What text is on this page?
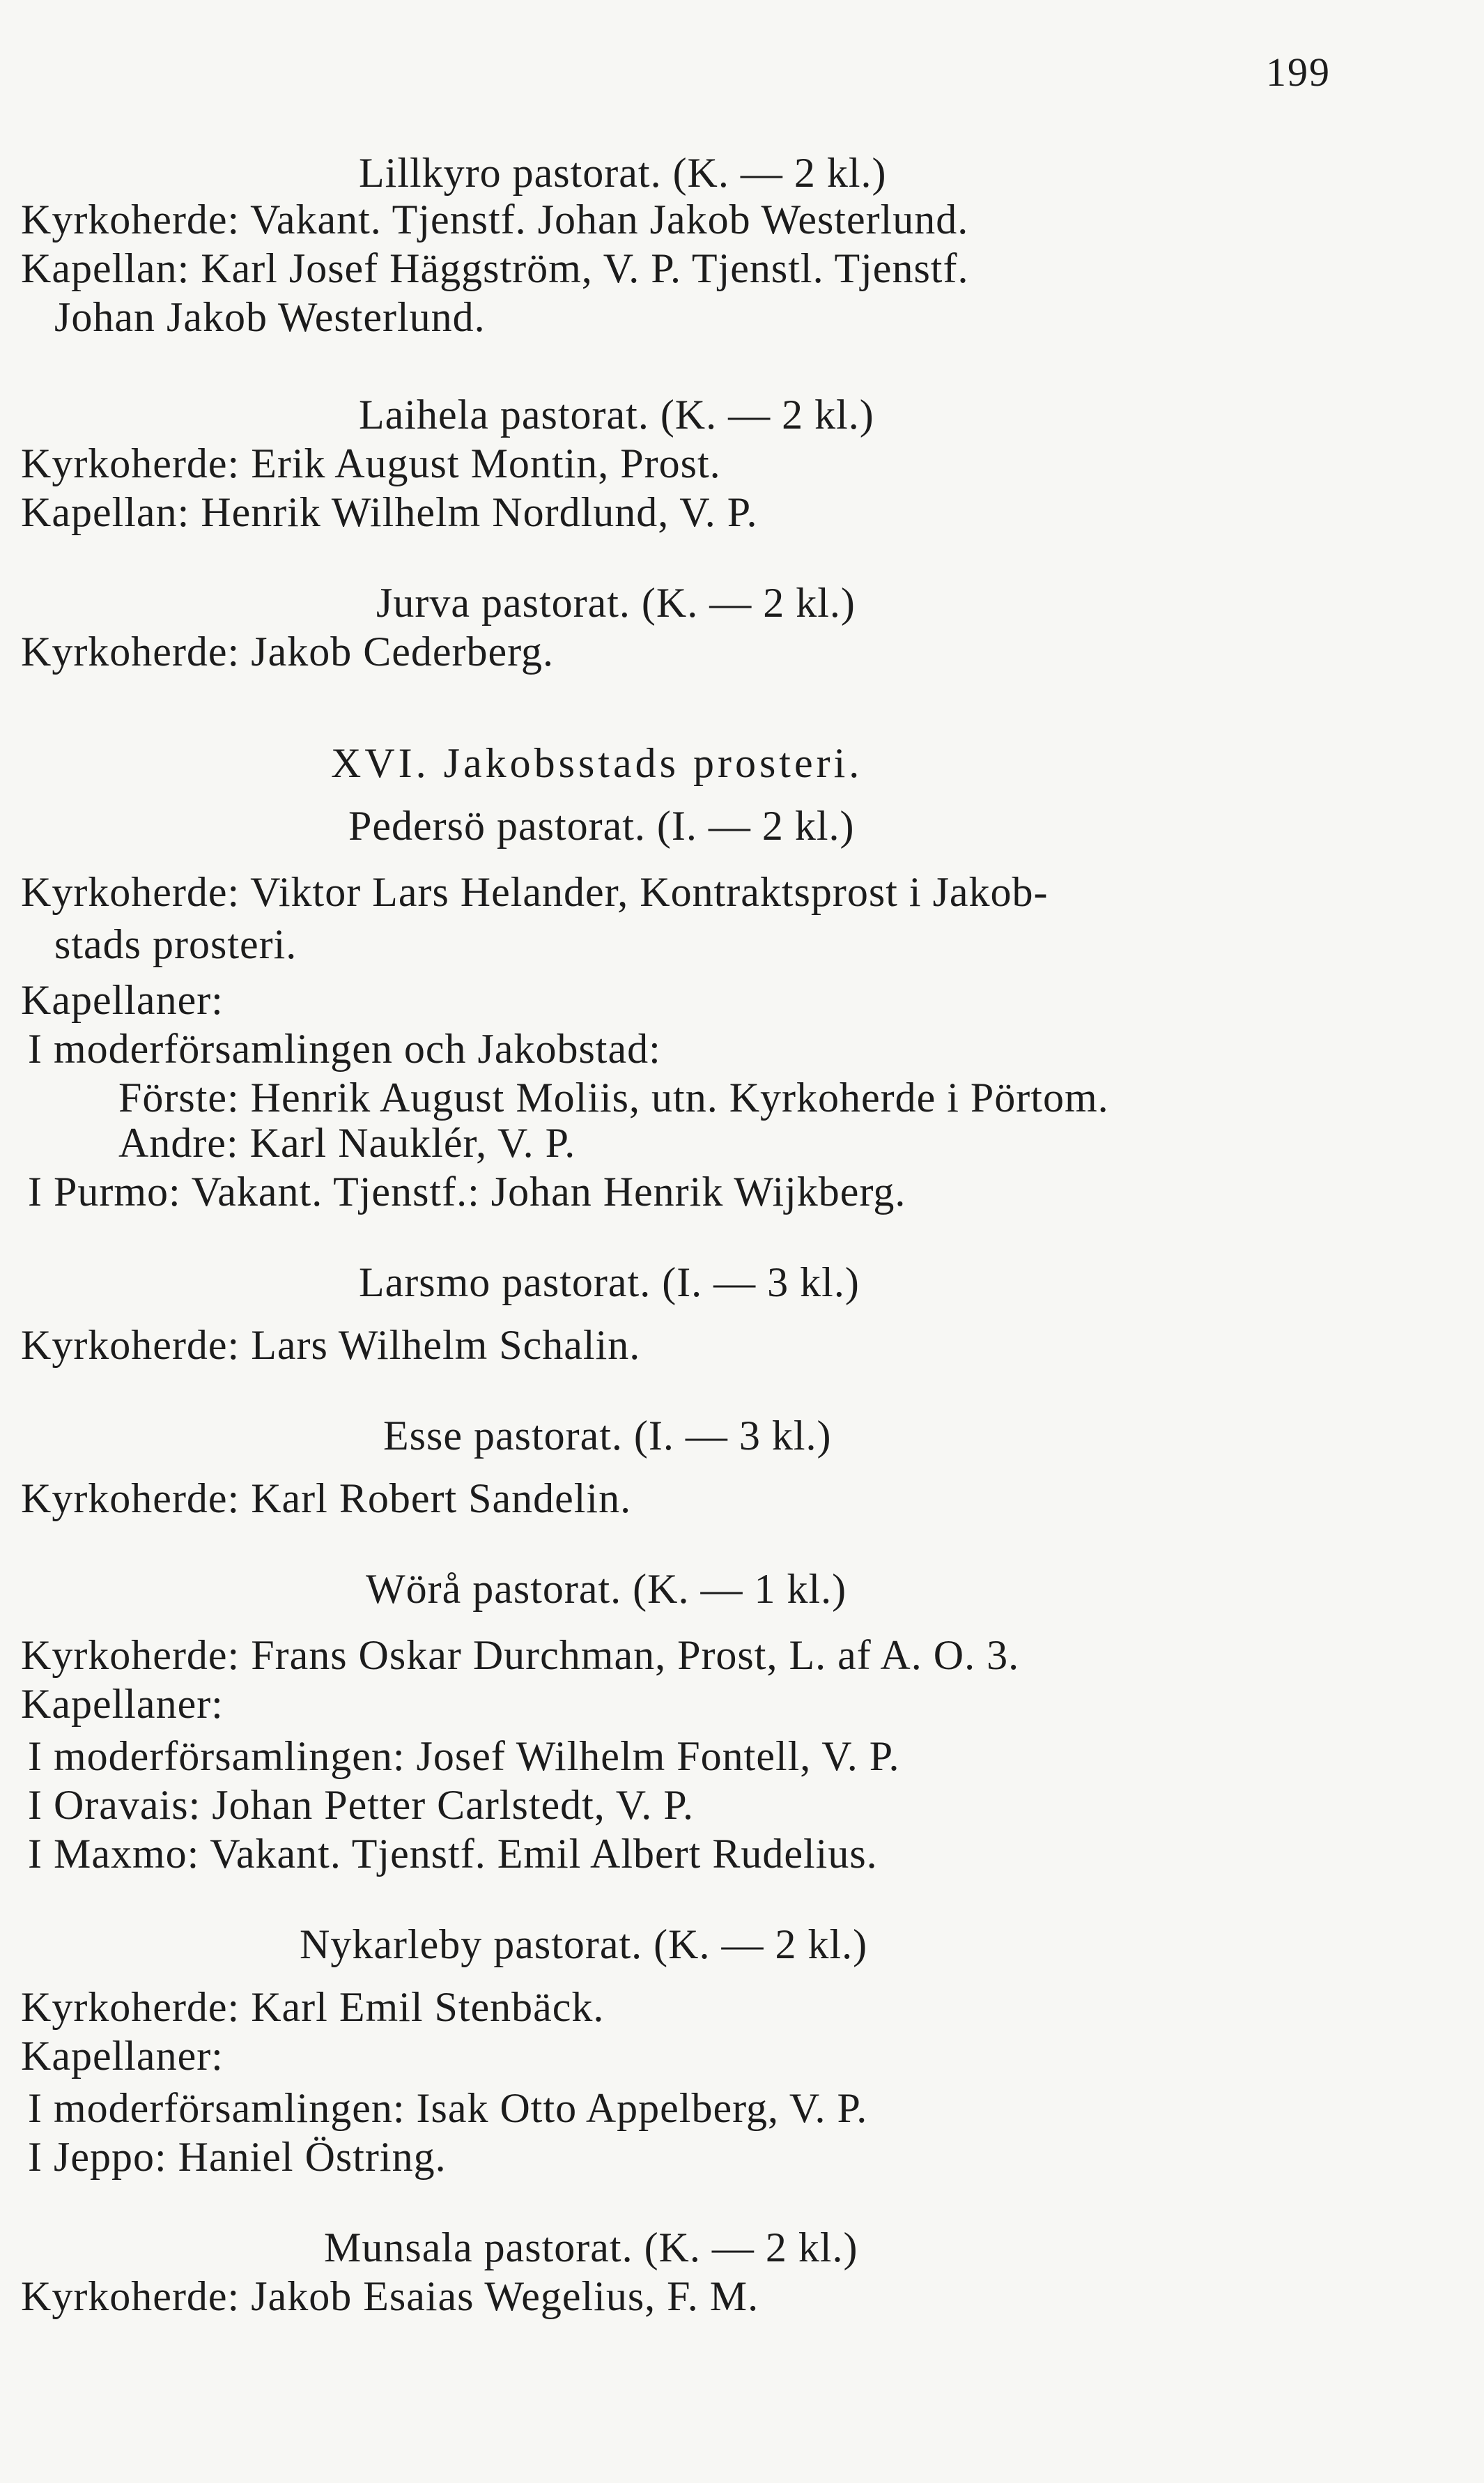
199
Lillkyro pastorat. (K. — 2 kl.)
Kyrkoherde: Vakant. Tjenstf. Johan Jakob Westerlund.
Kapellan: Karl Josef Häggström, V. P. Tjenstl. Tjenstf.
Johan Jakob Westerlund.
Laihela pastorat. (K. — 2 kl.)
Kyrkoherde: Erik August Montin, Prost.
Kapellan: Henrik Wilhelm Nordlund, V. P.
Jurva pastorat. (K. — 2 kl.)
Kyrkoherde: Jakob Cederberg.
XVI. Jakobsstads prosteri.
Pedersö pastorat. (I. — 2 kl.)
Kyrkoherde: Viktor Lars Helander, Kontraktsprost i Jakob-
stads prosteri.
Kapellaner:
I moderförsamlingen och Jakobstad:
Förste: Henrik August Moliis, utn. Kyrkoherde i Pörtom.
Andre: Karl Nauklér, V. P.
I Purmo: Vakant. Tjenstf.: Johan Henrik Wijkberg.
Larsmo pastorat. (I. — 3 kl.)
Kyrkoherde: Lars Wilhelm Schalin.
Esse pastorat. (I. — 3 kl.)
Kyrkoherde: Karl Robert Sandelin.
Wörå pastorat. (K. — 1 kl.)
Kyrkoherde: Frans Oskar Durchman, Prost, L. af A. O. 3.
Kapellaner:
I moderförsamlingen: Josef Wilhelm Fontell, V. P.
I Oravais: Johan Petter Carlstedt, V. P.
I Maxmo: Vakant. Tjenstf. Emil Albert Rudelius.
Nykarleby pastorat. (K. — 2 kl.)
Kyrkoherde: Karl Emil Stenbäck.
Kapellaner:
I moderförsamlingen: Isak Otto Appelberg, V. P.
I Jeppo: Haniel Östring.
Munsala pastorat. (K. — 2 kl.)
Kyrkoherde: Jakob Esaias Wegelius, F. M.
